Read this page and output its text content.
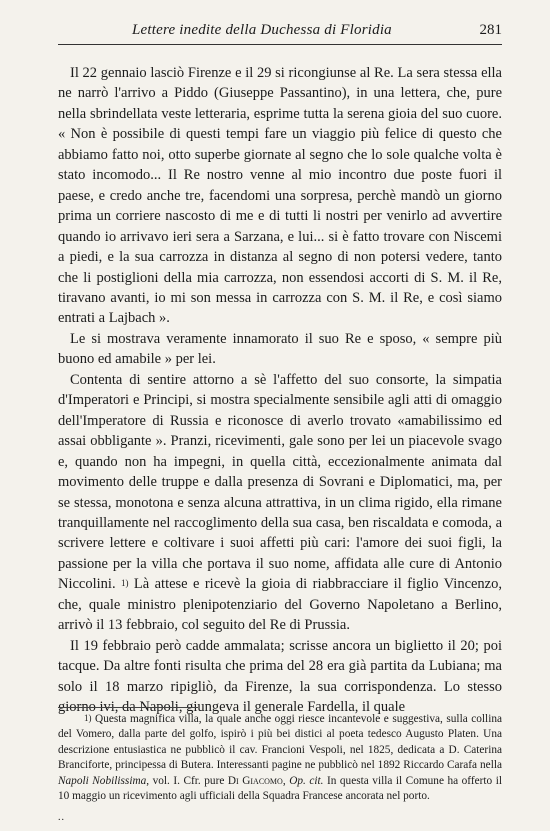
Lettere inedite della Duchessa di Floridia	281

Il 22 gennaio lasciò Firenze e il 29 si ricongiunse al Re. La sera stessa ella ne narrò l'arrivo a Piddo (Giuseppe Passantino), in una lettera, che, pure nella sbrindellata veste letteraria, esprime tutta la serena gioia del suo cuore. « Non è possibile di questi tempi fare un viaggio più felice di questo che abbiamo fatto noi, otto superbe giornate al segno che lo sole qualche volta è stato incomodo... Il Re nostro venne al mio incontro due poste fuori il paese, e credo anche tre, facendomi una sorpresa, perchè mandò un giorno prima un corriere nascosto di me e di tutti li nostri per venirlo ad avvertire quando io arrivavo ieri sera a Sarzana, e lui... si è fatto trovare con Niscemi a piedi, e la sua carrozza in distanza al segno di non potersi vedere, tanto che li postiglioni della mia carrozza, non essendosi accorti di S. M. il Re, tiravano avanti, io mi son messa in carrozza con S. M. il Re, e così siamo entrati a Lajbach ».

Le si mostrava veramente innamorato il suo Re e sposo, « sempre più buono ed amabile » per lei.

Contenta di sentire attorno a sè l'affetto del suo consorte, la simpatia d'Imperatori e Principi, si mostra specialmente sensibile agli atti di omaggio dell'Imperatore di Russia e riconosce di averlo trovato «amabilissimo ed assai obbligante ». Pranzi, ricevimenti, gale sono per lei un piacevole svago e, quando non ha impegni, in quella città, eccezionalmente animata dal movimento delle truppe e dalla presenza di Sovrani e Diplomatici, ma, per se stessa, monotona e senza alcuna attrattiva, in un clima rigido, ella rimane tranquillamente nel raccoglimento della sua casa, ben riscaldata e comoda, a scrivere lettere e coltivare i suoi affetti più cari: l'amore dei suoi figli, la passione per la villa che portava il suo nome, affidata alle cure di Antonio Niccolini. $^{1)}$ Là attese e ricevè la gioia di riabbracciare il figlio Vincenzo, che, quale ministro plenipotenziario del Governo Napoletano a Berlino, arrivò il 13 febbraio, col seguito del Re di Prussia.

Il 19 febbraio però cadde ammalata; scrisse ancora un biglietto il 20; poi tacque. Da altre fonti risulta che prima del 28 era già partita da Lubiana; ma solo il 18 marzo ripigliò, da Firenze, la sua corrispondenza. Lo stesso giorno ivi, da Napoli, giungeva il generale Fardella, il quale

$^{1)}$ Questa magnifica villa, la quale anche oggi riesce incantevole e suggestiva, sulla collina del Vomero, dalla parte del golfo, ispirò i più bei distici al poeta tedesco Augusto Platen. Una descrizione entusiastica ne pubblicò il cav. Francioni Vespoli, nel 1825, dedicata a D. Caterina Branciforte, principessa di Butera. Interessanti pagine ne pubblicò nel 1892 Riccardo Carafa nella Napoli Nobilissima, vol. I. Cfr. pure Di Giacomo, Op. cit. In questa villa il Comune ha offerto il 10 maggio un ricevimento agli ufficiali della Squadra Francese ancorata nel porto.

..
